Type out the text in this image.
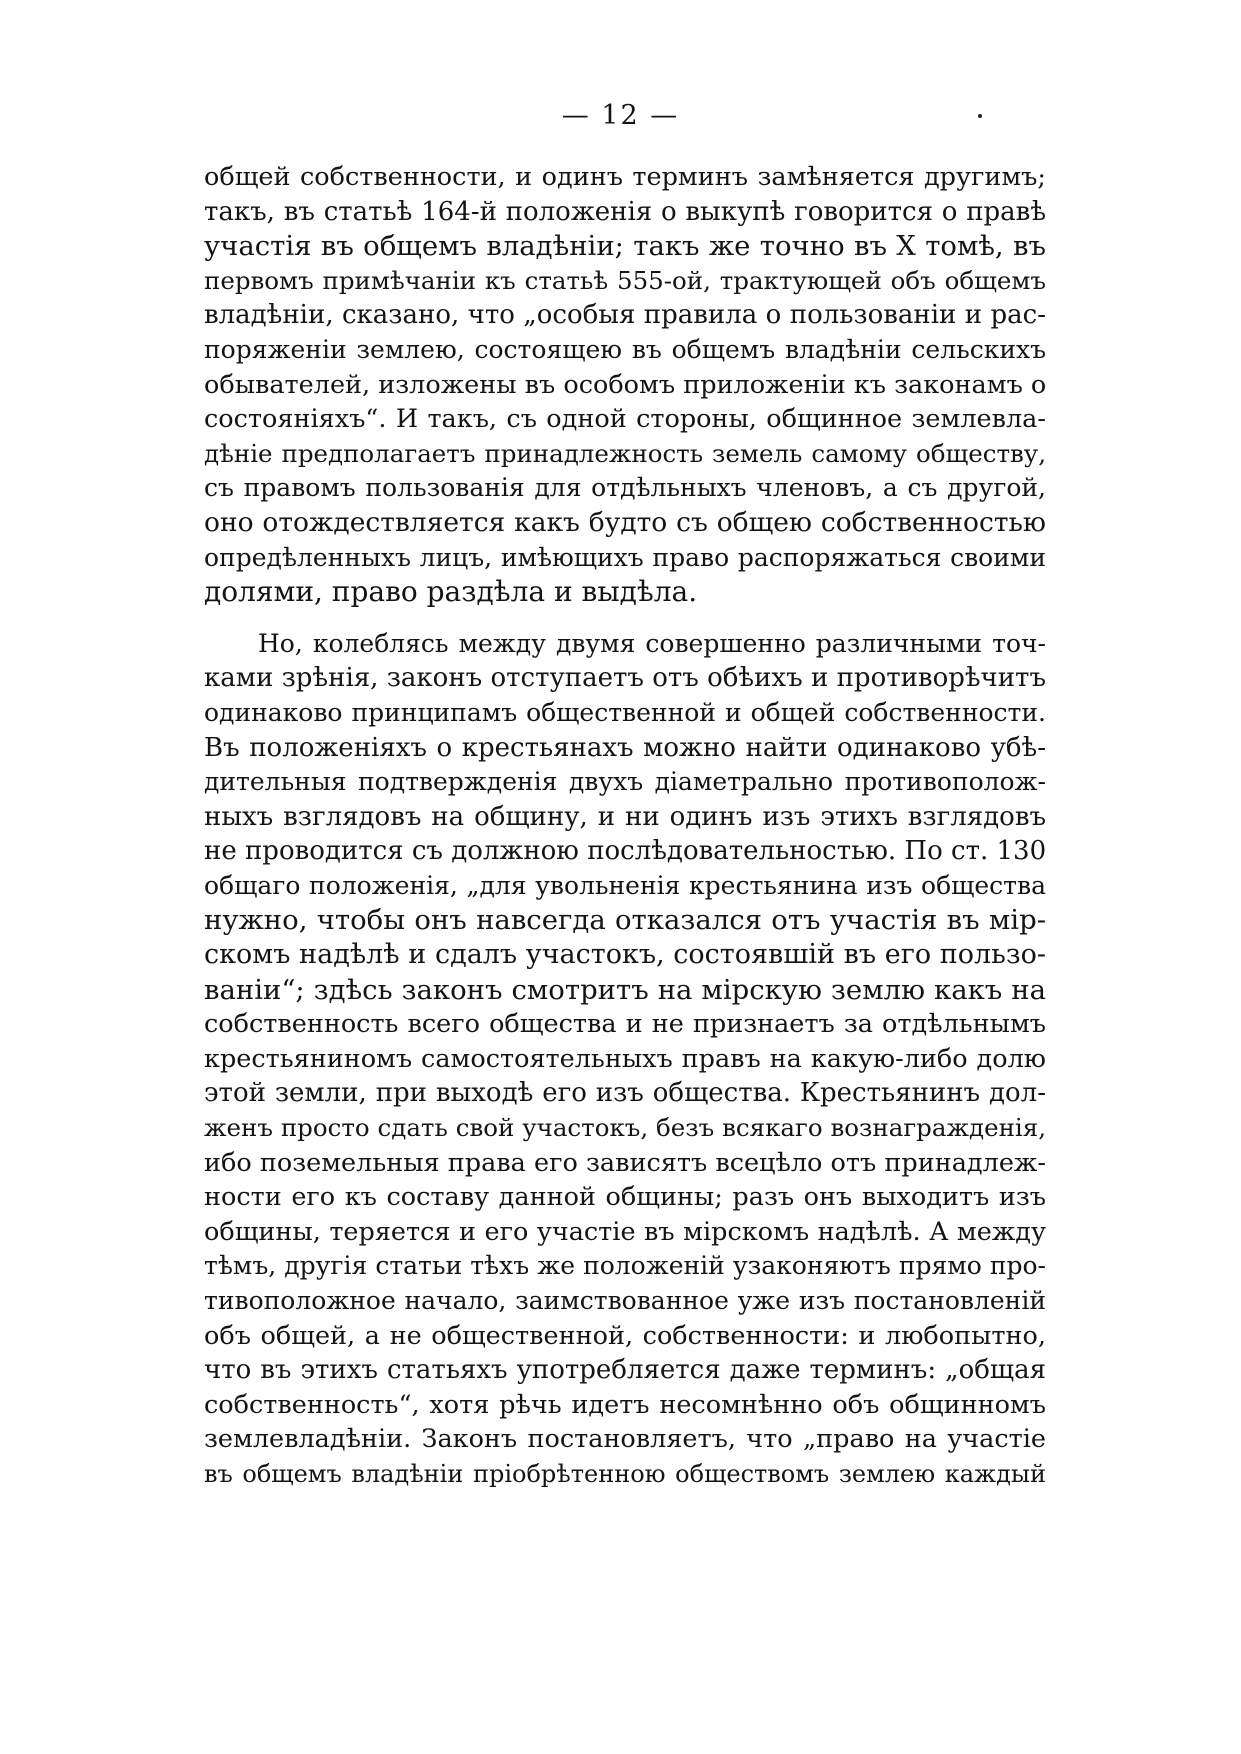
— 12 —
общей собственности, и одинъ терминъ замѣняется другимъ;
такъ, въ статьѣ 164-й положенія о выкупѣ говорится о правѣ
участія въ общемъ владѣніи; такъ же точно въ X томѣ, въ
первомъ примѣчаніи къ статьѣ 555-ой, трактующей объ общемъ
владѣніи, сказано, что „особыя правила о пользованіи и рас-
поряженіи землею, состоящею въ общемъ владѣніи сельскихъ
обывателей, изложены въ особомъ приложеніи къ законамъ о
состояніяхъ“. И такъ, съ одной стороны, общинное землевла-
дѣніе предполагаетъ принадлежность земель самому обществу,
съ правомъ пользованія для отдѣльныхъ членовъ, а съ другой,
оно отождествляется какъ будто съ общею собственностью
опредѣленныхъ лицъ, имѣющихъ право распоряжаться своими
долями, право раздѣла и выдѣла.
Но, колеблясь между двумя совершенно различными точ-
ками зрѣнія, законъ отступаетъ отъ обѣихъ и противорѣчитъ
одинаково принципамъ общественной и общей собственности.
Въ положеніяхъ о крестьянахъ можно найти одинаково убѣ-
дительныя подтвержденія двухъ діаметрально противополож-
ныхъ взглядовъ на общину, и ни одинъ изъ этихъ взглядовъ
не проводится съ должною послѣдовательностью. По ст. 130
общаго положенія, „для увольненія крестьянина изъ общества
нужно, чтобы онъ навсегда отказался отъ участія въ мір-
скомъ надѣлѣ и сдалъ участокъ, состоявшій въ его пользо-
ваніи“; здѣсь законъ смотритъ на мірскую землю какъ на
собственность всего общества и не признаетъ за отдѣльнымъ
крестьяниномъ самостоятельныхъ правъ на какую-либо долю
этой земли, при выходѣ его изъ общества. Крестьянинъ дол-
женъ просто сдать свой участокъ, безъ всякаго вознагражденія,
ибо поземельныя права его зависятъ всецѣло отъ принадлеж-
ности его къ составу данной общины; разъ онъ выходитъ изъ
общины, теряется и его участіе въ мірскомъ надѣлѣ. А между
тѣмъ, другія статьи тѣхъ же положеній узаконяютъ прямо про-
тивоположное начало, заимствованное уже изъ постановленій
объ общей, а не общественной, собственности: и любопытно,
что въ этихъ статьяхъ употребляется даже терминъ: „общая
собственность“, хотя рѣчь идетъ несомнѣнно объ общинномъ
землевладѣніи. Законъ постановляетъ, что „право на участіе
въ общемъ владѣніи пріобрѣтенною обществомъ землею каждый
